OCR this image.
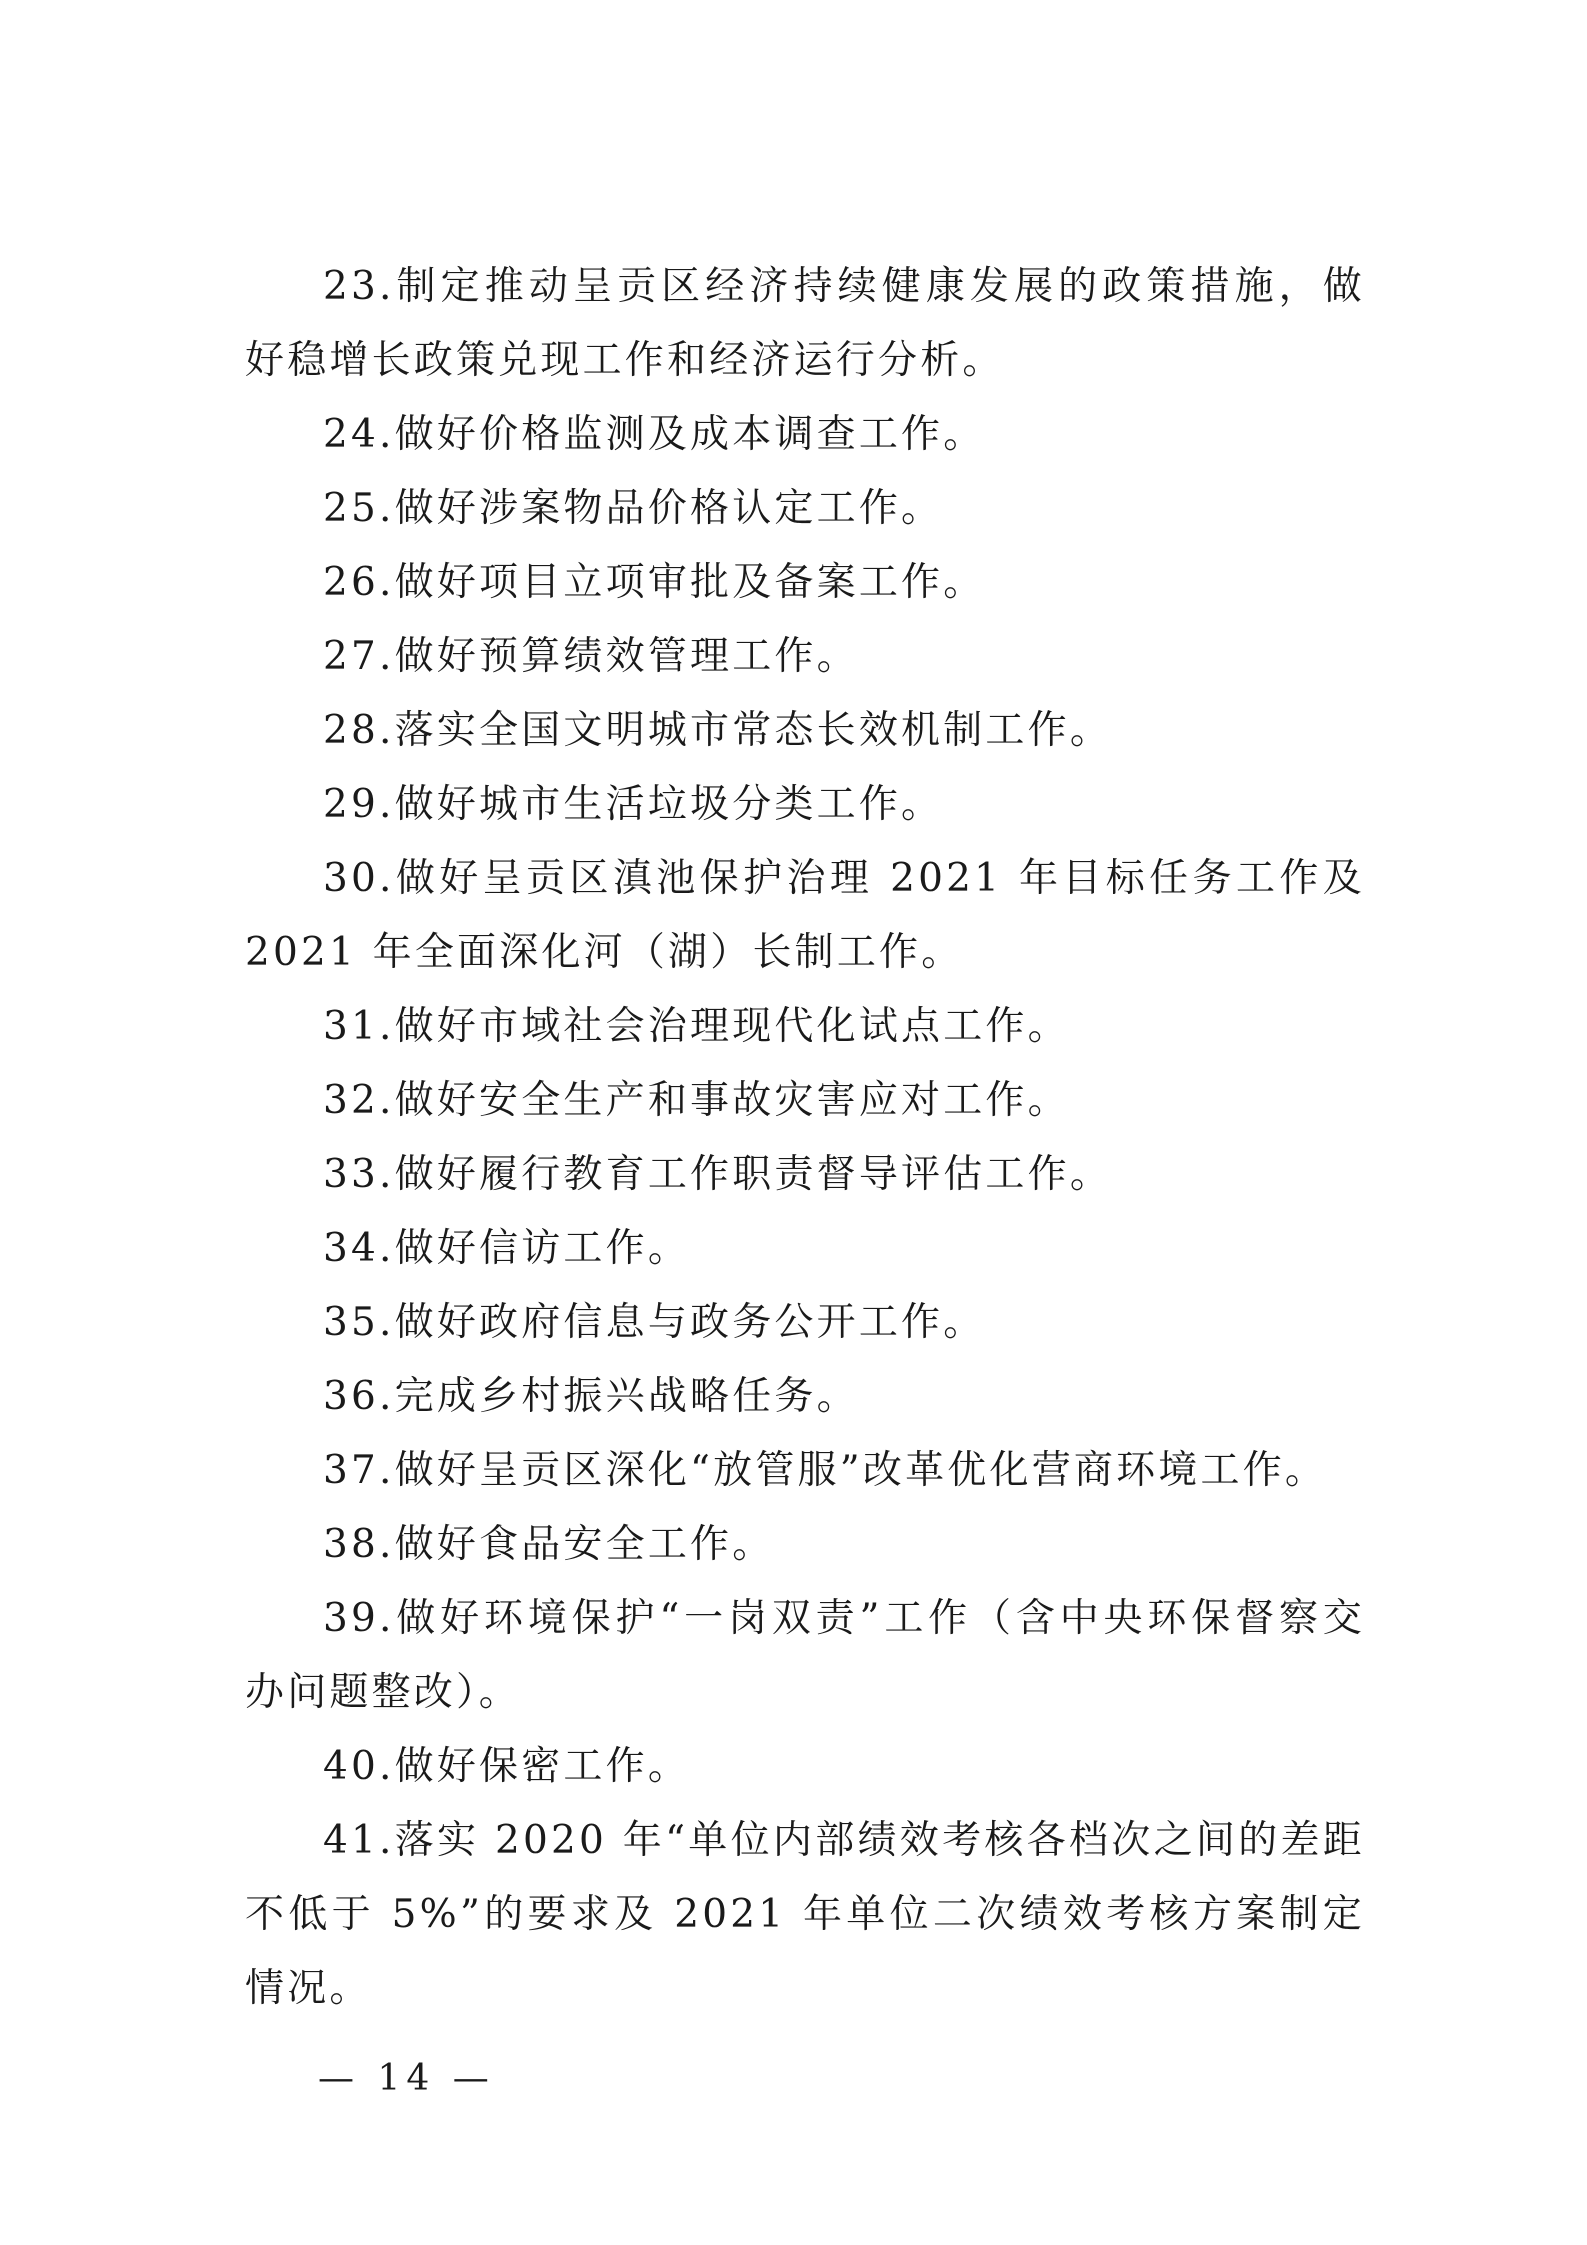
23.制定推动呈贡区经济持续健康发展的政策措施，做好稳增长政策兑现工作和经济运行分析。

24.做好价格监测及成本调查工作。

25.做好涉案物品价格认定工作。

26.做好项目立项审批及备案工作。

27.做好预算绩效管理工作。

28.落实全国文明城市常态长效机制工作。

29.做好城市生活垃圾分类工作。

30.做好呈贡区滇池保护治理 2021 年目标任务工作及 2021 年全面深化河（湖）长制工作。

31.做好市域社会治理现代化试点工作。

32.做好安全生产和事故灾害应对工作。

33.做好履行教育工作职责督导评估工作。

34.做好信访工作。

35.做好政府信息与政务公开工作。

36.完成乡村振兴战略任务。

37.做好呈贡区深化“放管服”改革优化营商环境工作。

38.做好食品安全工作。

39.做好环境保护“一岗双责”工作（含中央环保督察交办问题整改）。

40.做好保密工作。

41.落实 2020 年“单位内部绩效考核各档次之间的差距不低于 5%”的要求及 2021 年单位二次绩效考核方案制定情况。

— 14 —
